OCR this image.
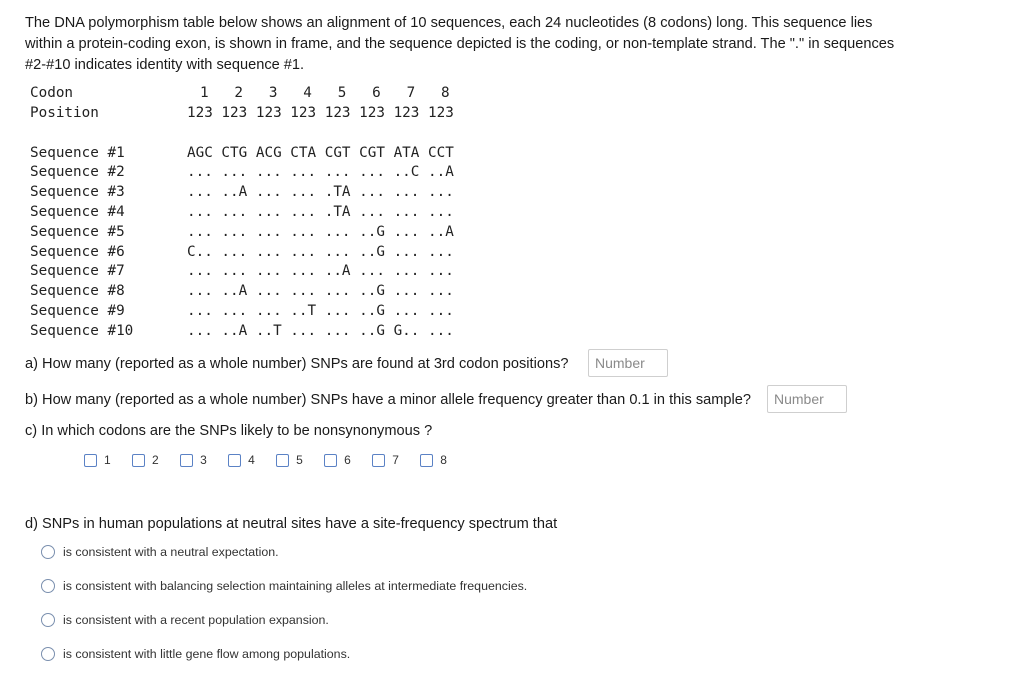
The DNA polymorphism table below shows an alignment of 10 sequences, each 24 nucleotides (8 codons) long. This sequence lies within a protein-coding exon, is shown in frame, and the sequence depicted is the coding, or non-template strand. The "." in sequences #2-#10 indicates identity with sequence #1.
Codon	1   2   3   4   5   6   7   8
Position	123 123 123 123 123 123 123 123
Sequence #1	AGC CTG ACG CTA CGT CGT ATA CCT
Sequence #2	... ... ... ... ... ... ..C ..A
Sequence #3	... ..A ... ... .TA ... ... ...
Sequence #4	... ... ... ... .TA ... ... ...
Sequence #5	... ... ... ... ... ..G ... ..A
Sequence #6	C.. ... ... ... ... ..G ... ...
Sequence #7	... ... ... ... ..A ... ... ...
Sequence #8	... ..A ... ... ... ..G ... ...
Sequence #9	... ... ... ..T ... ..G ... ...
Sequence #10	... ..A ..T ... ... ..G G.. ...
a) How many (reported as a whole number) SNPs are found at 3rd codon positions?
Number
b) How many (reported as a whole number) SNPs have a minor allele frequency greater than 0.1 in this sample?
Number
c) In which codons are the SNPs likely to be nonsynonymous ?
1
	2
	3
	4
	5
	6
	7
	8
d) SNPs in human populations at neutral sites have a site-frequency spectrum that
is consistent with a neutral expectation.
is consistent with balancing selection maintaining alleles at intermediate frequencies.
is consistent with a recent population expansion.
is consistent with little gene flow among populations.
